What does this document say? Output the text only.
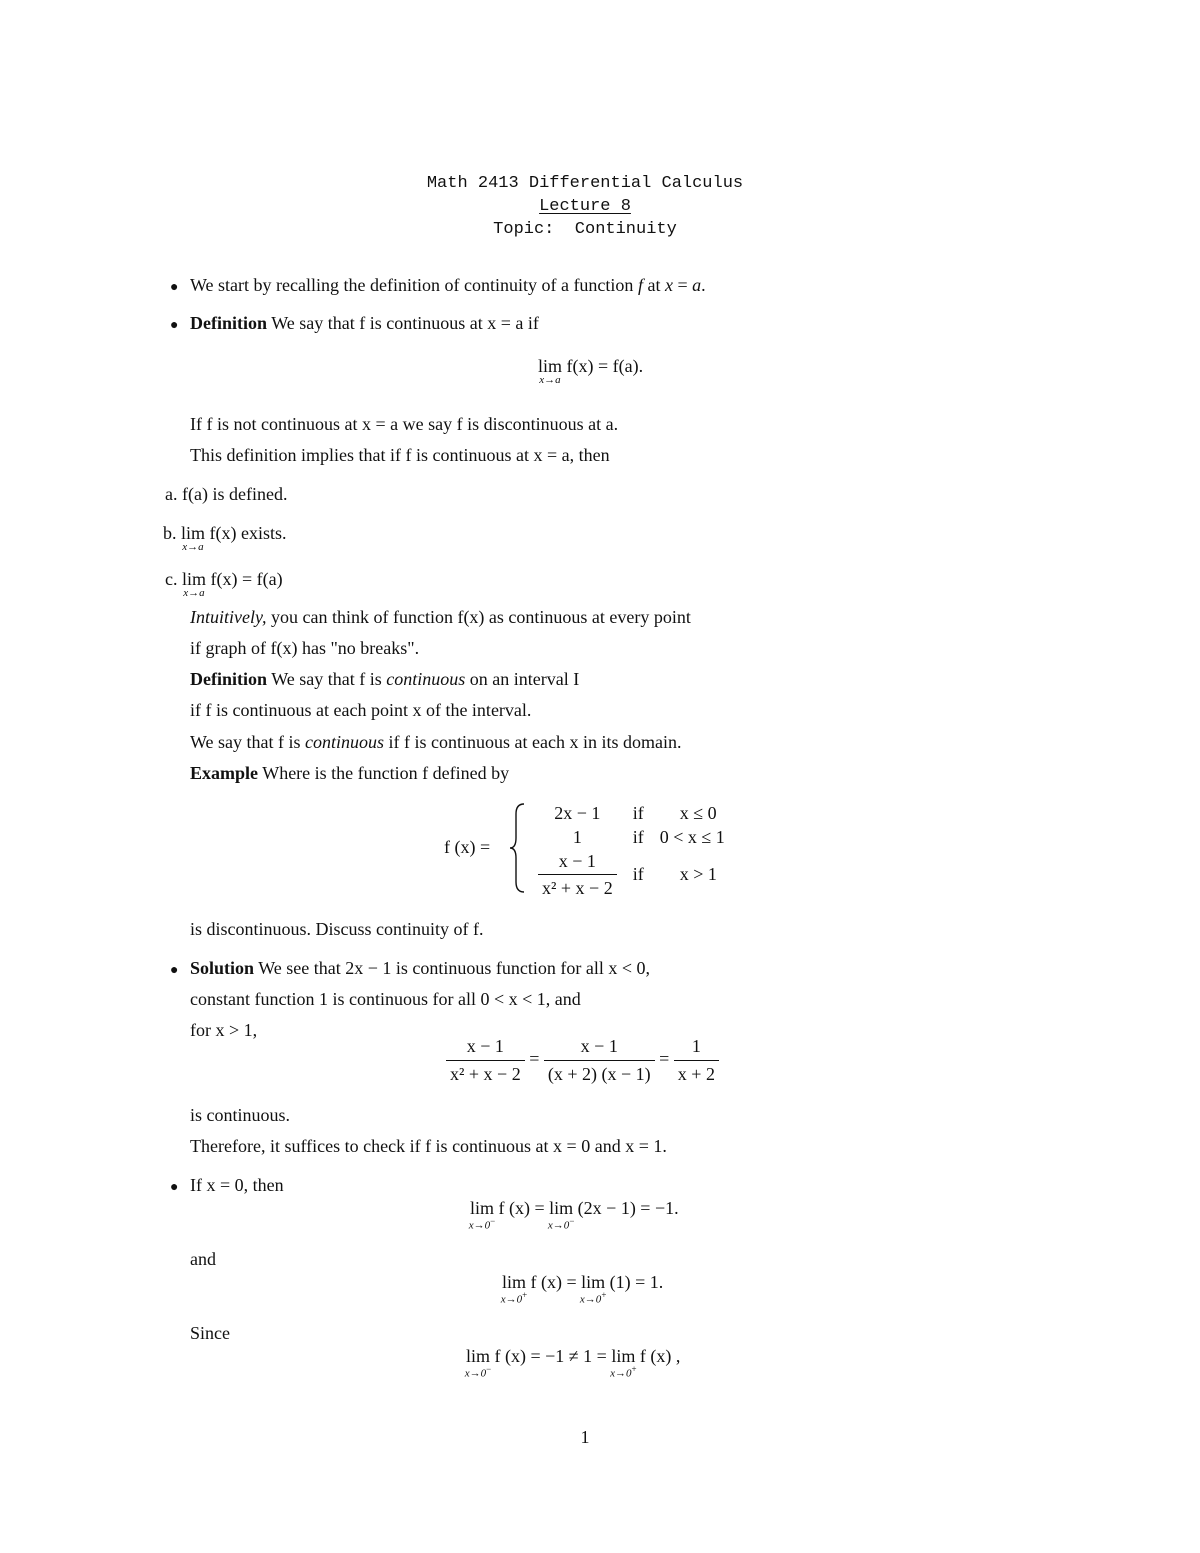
Math 2413 Differential Calculus
Lecture 8
Topic:  Continuity
● We start by recalling the definition of continuity of a function f at x = a.
● Definition We say that f is continuous at x = a if
lim
x→a
f(x) = f(a).
If f is not continuous at x = a we say f is discontinuous at a.
This definition implies that if f is continuous at x = a, then
a. f(a) is defined.
b. lim
x→a
f(x) exists.
c. lim
x→a
f(x) = f(a)
Intuitively, you can think of function f(x) as continuous at every point
if graph of f(x) has "no breaks".
Definition We say that f is continuous on an interval I
if f is continuous at each point x of the interval.
We say that f is continuous if f is continuous at each x in its domain.
Example Where is the function f defined by
f (x) =
2x − 1	if	x ≤ 0
1	if	0 < x ≤ 1

$\frac{x - 1}{\text{x² + x − 2}}$	if	x > 1
is discontinuous. Discuss continuity of f.
● Solution We see that 2x − 1 is continuous function for all x < 0,
constant function 1 is continuous for all 0 < x < 1, and
for x > 1,
$\frac{x - 1}{\text{x² + x − 2}} = \frac{x - 1}{(x + 2) (x - 1)} = \frac{1}{x + 2}$
is continuous.
Therefore, it suffices to check if f is continuous at x = 0 and x = 1.
● If x = 0, then
lim
x→0−
f (x) = lim
x→0−
(2x − 1) = −1.
and
lim
x→0+
f (x) = lim
x→0+
(1) = 1.
Since
lim
x→0−
f (x) = −1 ≠ 1 = lim
x→0+
f (x) ,
1
